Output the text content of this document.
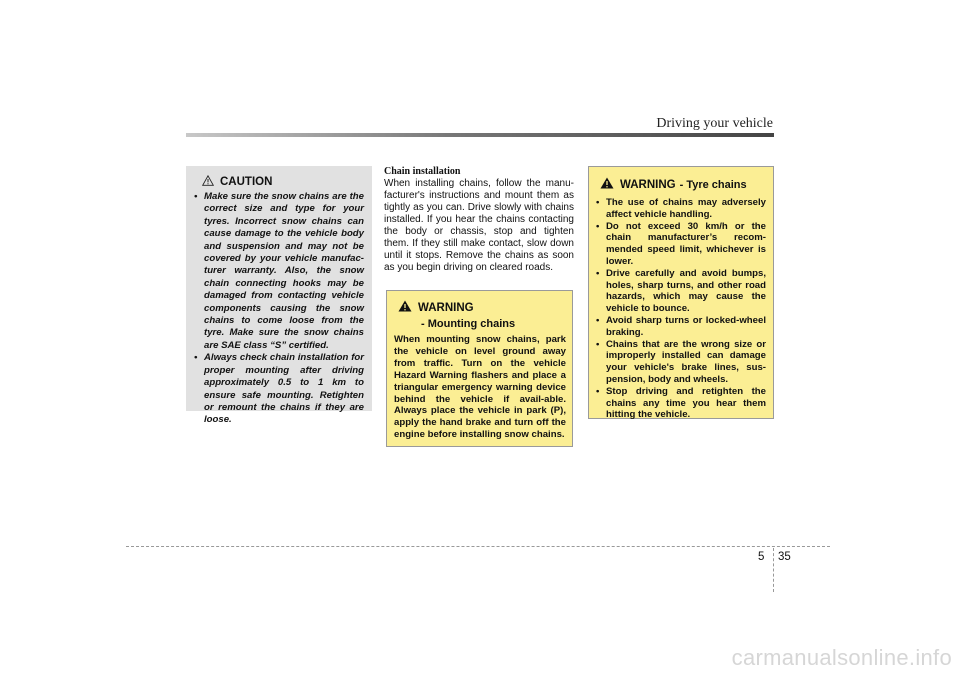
Driving your vehicle
CAUTION
• Make sure the snow chains are the correct size and type for your tyres. Incorrect snow chains can cause damage to the vehicle body and suspension and may not be covered by your vehicle manufac-turer warranty. Also, the snow chain connecting hooks may be damaged from contacting vehicle components causing the snow chains to come loose from the tyre. Make sure the snow chains are SAE class “S” certified.
• Always check chain installation for proper mounting after driving approximately 0.5 to 1 km to ensure safe mounting. Retighten or remount the chains if they are loose.
Chain installation
When installing chains, follow the manu-facturer's instructions and mount them as tightly as you can. Drive slowly with chains installed. If you hear the chains contacting the body or chassis, stop and tighten them. If they still make contact, slow down until it stops. Remove the chains as soon as you begin driving on cleared roads.
WARNING
- Mounting chains
When mounting snow chains, park the vehicle on level ground away from traffic. Turn on the vehicle Hazard Warning flashers and place a triangular emergency warning device behind the vehicle if avail-able. Always place the vehicle in park (P), apply the hand brake and turn off the engine before installing snow chains.
WARNING - Tyre chains
• The use of chains may adversely affect vehicle handling.
• Do not exceed 30 km/h or the chain manufacturer’s recom-mended speed limit, whichever is lower.
• Drive carefully and avoid bumps, holes, sharp turns, and other road hazards, which may cause the vehicle to bounce.
• Avoid sharp turns or locked-wheel braking.
• Chains that are the wrong size or improperly installed can damage your vehicle's brake lines, sus-pension, body and wheels.
• Stop driving and retighten the chains any time you hear them hitting the vehicle.
5 35
carmanualsonline.info
